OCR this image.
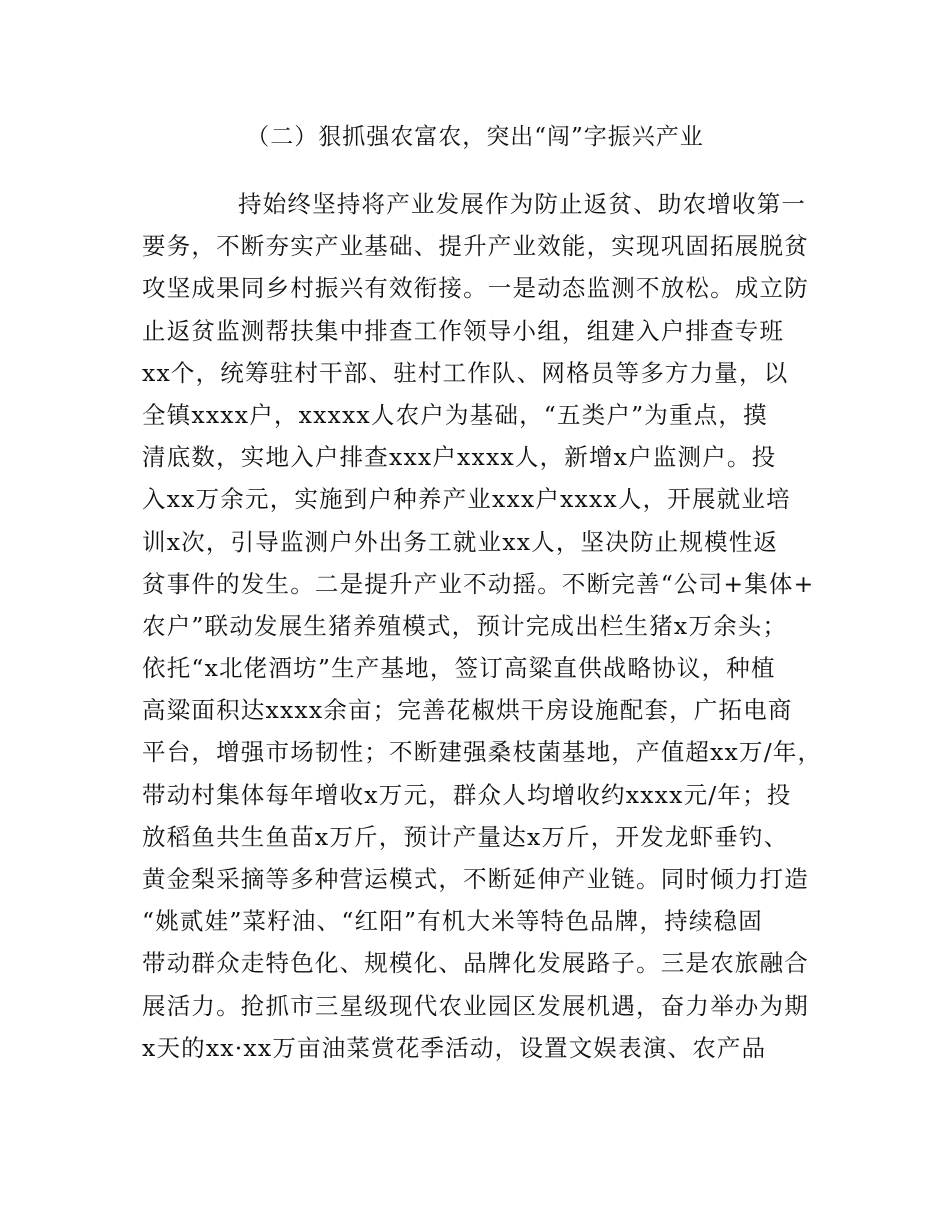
（二）狠抓强农富农，突出“闯”字振兴产业
持始终坚持将产业发展作为防止返贫、助农增收第一
要务，不断夯实产业基础、提升产业效能，实现巩固拓展脱贫
攻坚成果同乡村振兴有效衔接。一是动态监测不放松。成立防
止返贫监测帮扶集中排查工作领导小组，组建入户排查专班
xx个，统筹驻村干部、驻村工作队、网格员等多方力量，以
全镇xxxx户，xxxxx人农户为基础，“五类户”为重点，摸
清底数，实地入户排查xxx户xxxx人，新增x户监测户。投
入xx万余元，实施到户种养产业xxx户xxxx人，开展就业培
训x次，引导监测户外出务工就业xx人，坚决防止规模性返
贫事件的发生。二是提升产业不动摇。不断完善“公司+集体+
农户”联动发展生猪养殖模式，预计完成出栏生猪x万余头；
依托“x北佬酒坊”生产基地，签订高粱直供战略协议，种植
高粱面积达xxxx余亩；完善花椒烘干房设施配套，广拓电商
平台，增强市场韧性；不断建强桑枝菌基地，产值超xx万/年，
带动村集体每年增收x万元，群众人均增收约xxxx元/年；投
放稻鱼共生鱼苗x万斤，预计产量达x万斤，开发龙虾垂钓、
黄金梨采摘等多种营运模式，不断延伸产业链。同时倾力打造
“姚贰娃”菜籽油、“红阳”有机大米等特色品牌，持续稳固
带动群众走特色化、规模化、品牌化发展路子。三是农旅融合
展活力。抢抓市三星级现代农业园区发展机遇，奋力举办为期
x天的xx·xx万亩油菜赏花季活动，设置文娱表演、农产品
